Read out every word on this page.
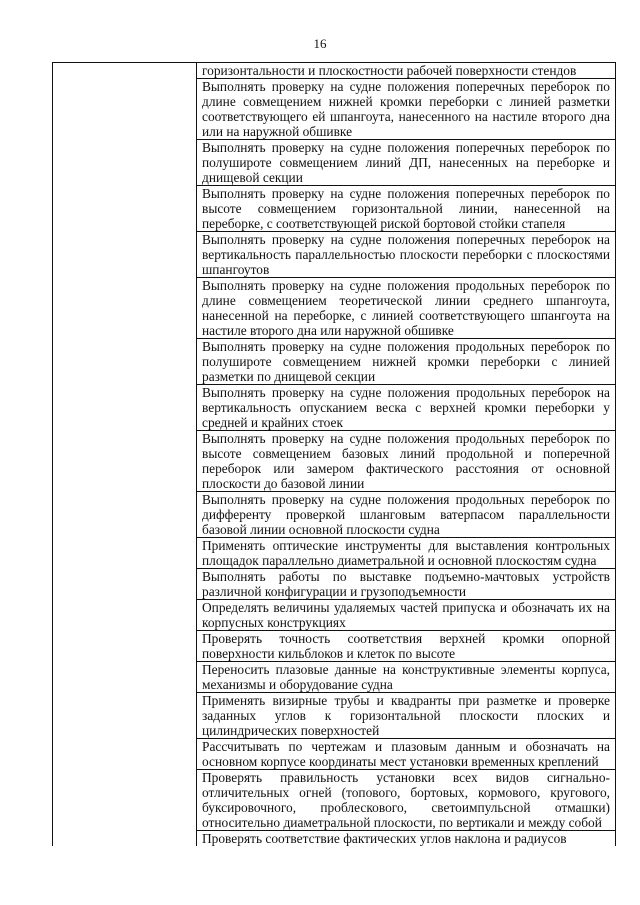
16
горизонтальности и плоскостности рабочей поверхности стендов
Выполнять проверку на судне положения поперечных переборок по длине совмещением нижней кромки переборки с линией разметки соответствующего ей шпангоута, нанесенного на настиле второго дна или на наружной обшивке
Выполнять проверку на судне положения поперечных переборок по полушироте совмещением линий ДП, нанесенных на переборке и днищевой секции
Выполнять проверку на судне положения поперечных переборок по высоте совмещением горизонтальной линии, нанесенной на переборке, с соответствующей риской бортовой стойки стапеля
Выполнять проверку на судне положения поперечных переборок на вертикальность параллельностью плоскости переборки с плоскостями шпангоутов
Выполнять проверку на судне положения продольных переборок по длине совмещением теоретической линии среднего шпангоута, нанесенной на переборке, с линией соответствующего шпангоута на настиле второго дна или наружной обшивке
Выполнять проверку на судне положения продольных переборок по полушироте совмещением нижней кромки переборки с линией разметки по днищевой секции
Выполнять проверку на судне положения продольных переборок на вертикальность опусканием веска с верхней кромки переборки у средней и крайних стоек
Выполнять проверку на судне положения продольных переборок по высоте совмещением базовых линий продольной и поперечной переборок или замером фактического расстояния от основной плоскости до базовой линии
Выполнять проверку на судне положения продольных переборок по дифференту проверкой шланговым ватерпасом параллельности базовой линии основной плоскости судна
Применять оптические инструменты для выставления контрольных площадок параллельно диаметральной и основной плоскостям судна
Выполнять работы по выставке подъемно-мачтовых устройств различной конфигурации и грузоподъемности
Определять величины удаляемых частей припуска и обозначать их на корпусных конструкциях
Проверять точность соответствия верхней кромки опорной поверхности кильблоков и клеток по высоте
Переносить плазовые данные на конструктивные элементы корпуса, механизмы и оборудование судна
Применять визирные трубы и квадранты при разметке и проверке заданных углов к горизонтальной плоскости плоских и цилиндрических поверхностей
Рассчитывать по чертежам и плазовым данным и обозначать на основном корпусе координаты мест установки временных креплений
Проверять правильность установки всех видов сигнально-отличительных огней (топового, бортовых, кормового, кругового, буксировочного, проблескового, светоимпульсной отмашки) относительно диаметральной плоскости, по вертикали и между собой
Проверять соответствие фактических углов наклона и радиусов
